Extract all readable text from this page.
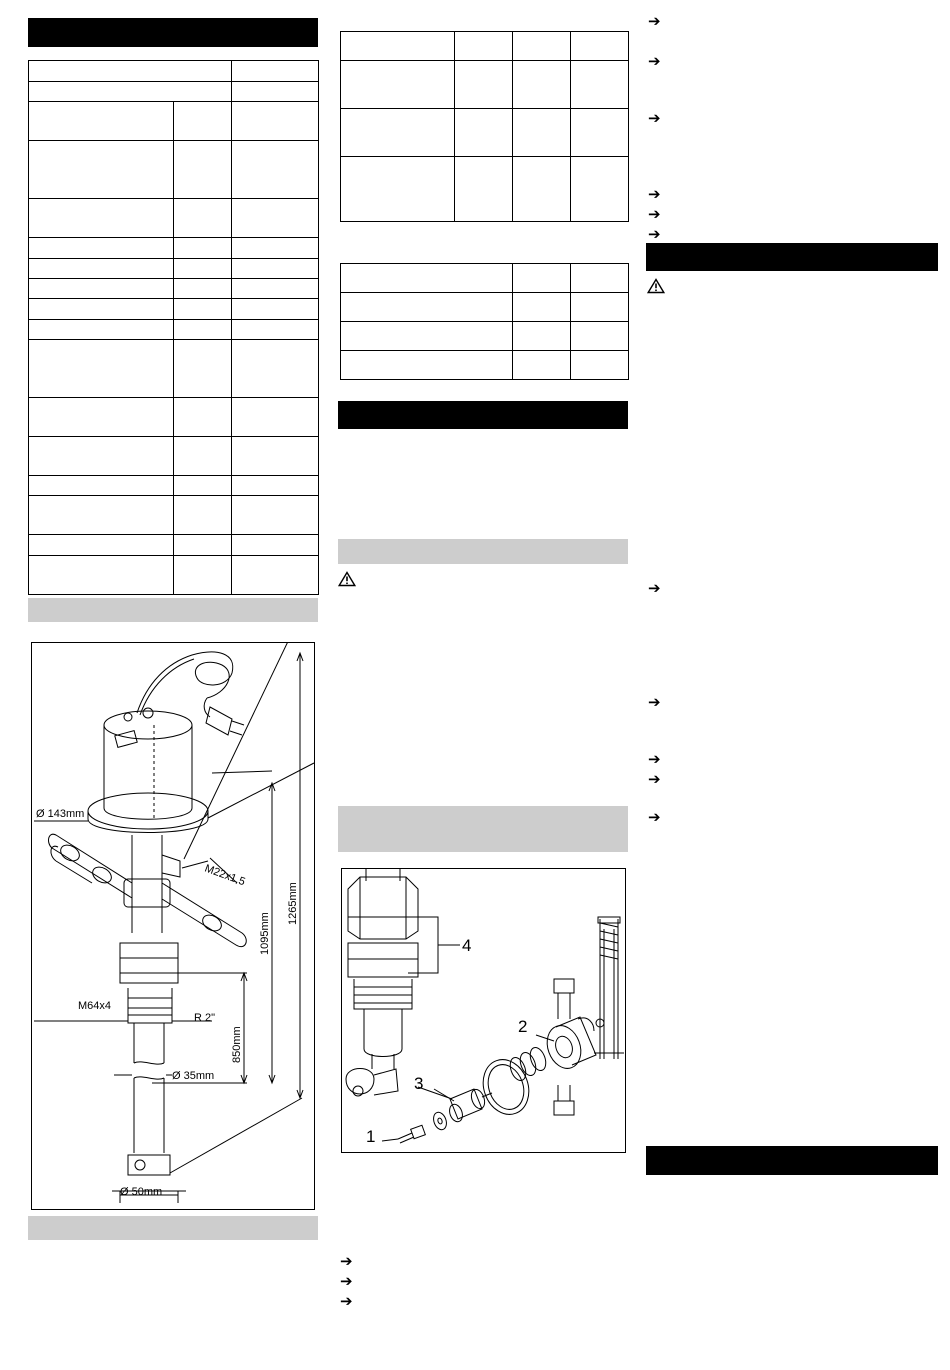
Ø 143mm
M22x1,5
M64x4
R 2"
Ø 35mm
Ø 50mm
850mm
1095mm
1265mm

4
2
3
1
➔
➔
➔
➔
➔
➔
➔
➔
➔
➔
➔
➔
➔
➔
